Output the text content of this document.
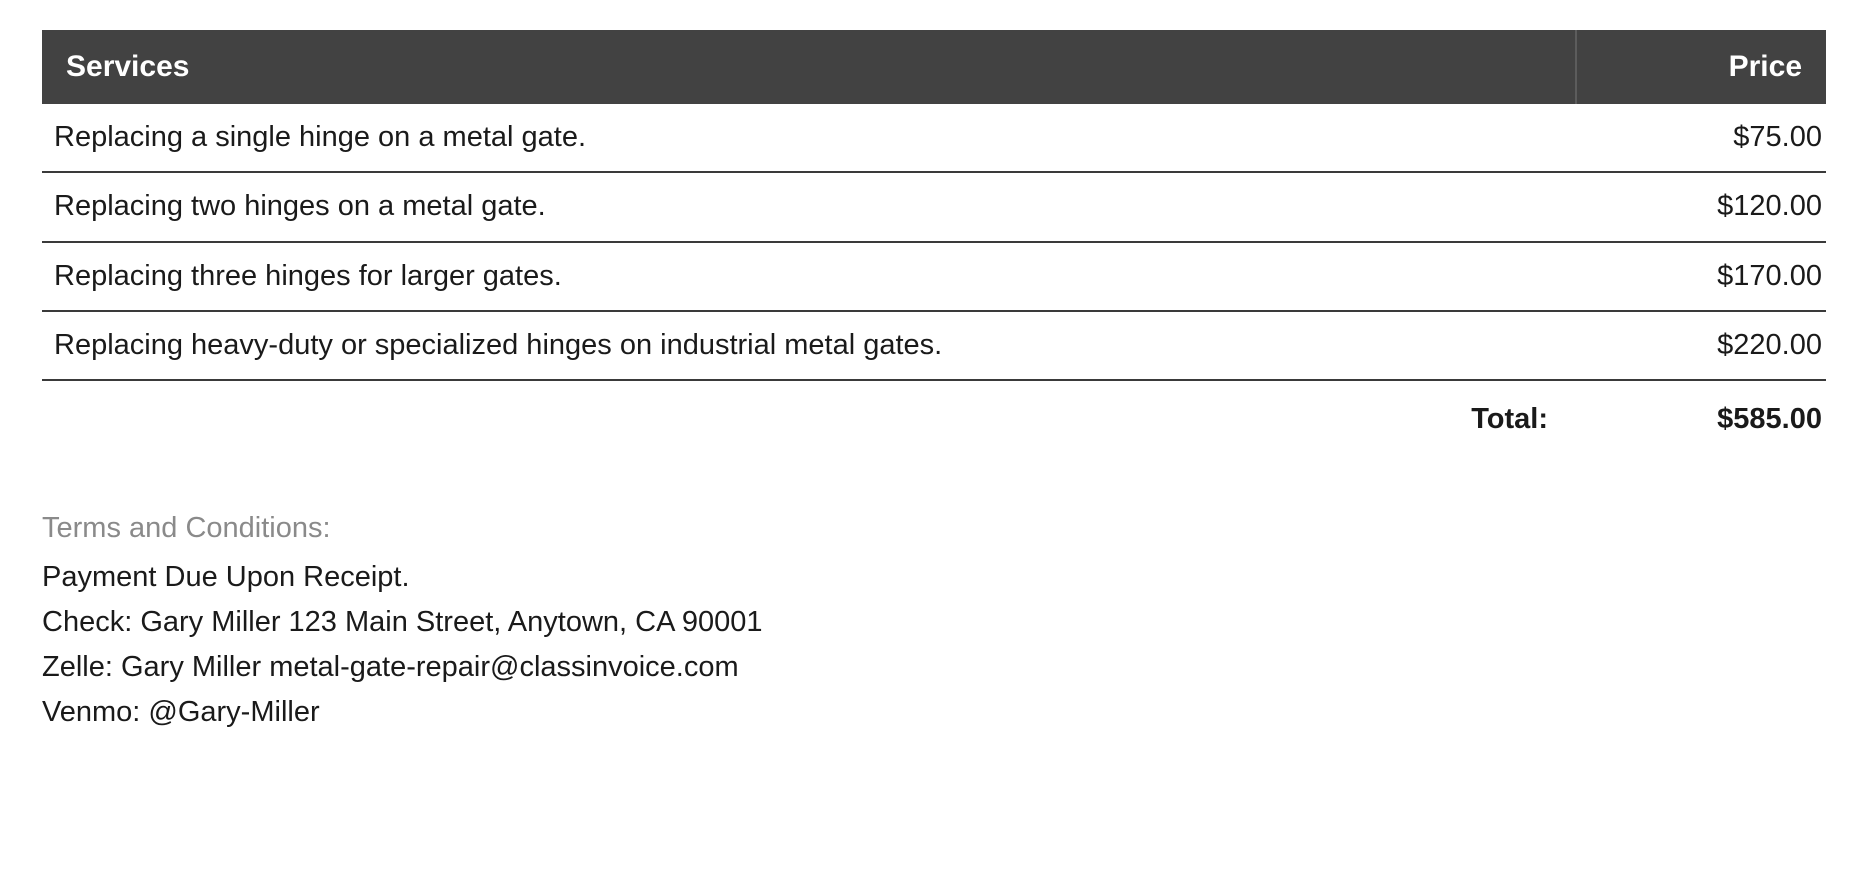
Services	Price
Replacing a single hinge on a metal gate.	$75.00
Replacing two hinges on a metal gate.	$120.00
Replacing three hinges for larger gates.	$170.00
Replacing heavy-duty or specialized hinges on industrial metal gates.	$220.00
Total:	$585.00
Terms and Conditions:
Payment Due Upon Receipt.
Check: Gary Miller 123 Main Street, Anytown, CA 90001
Zelle: Gary Miller metal-gate-repair@classinvoice.com
Venmo: @Gary-Miller
